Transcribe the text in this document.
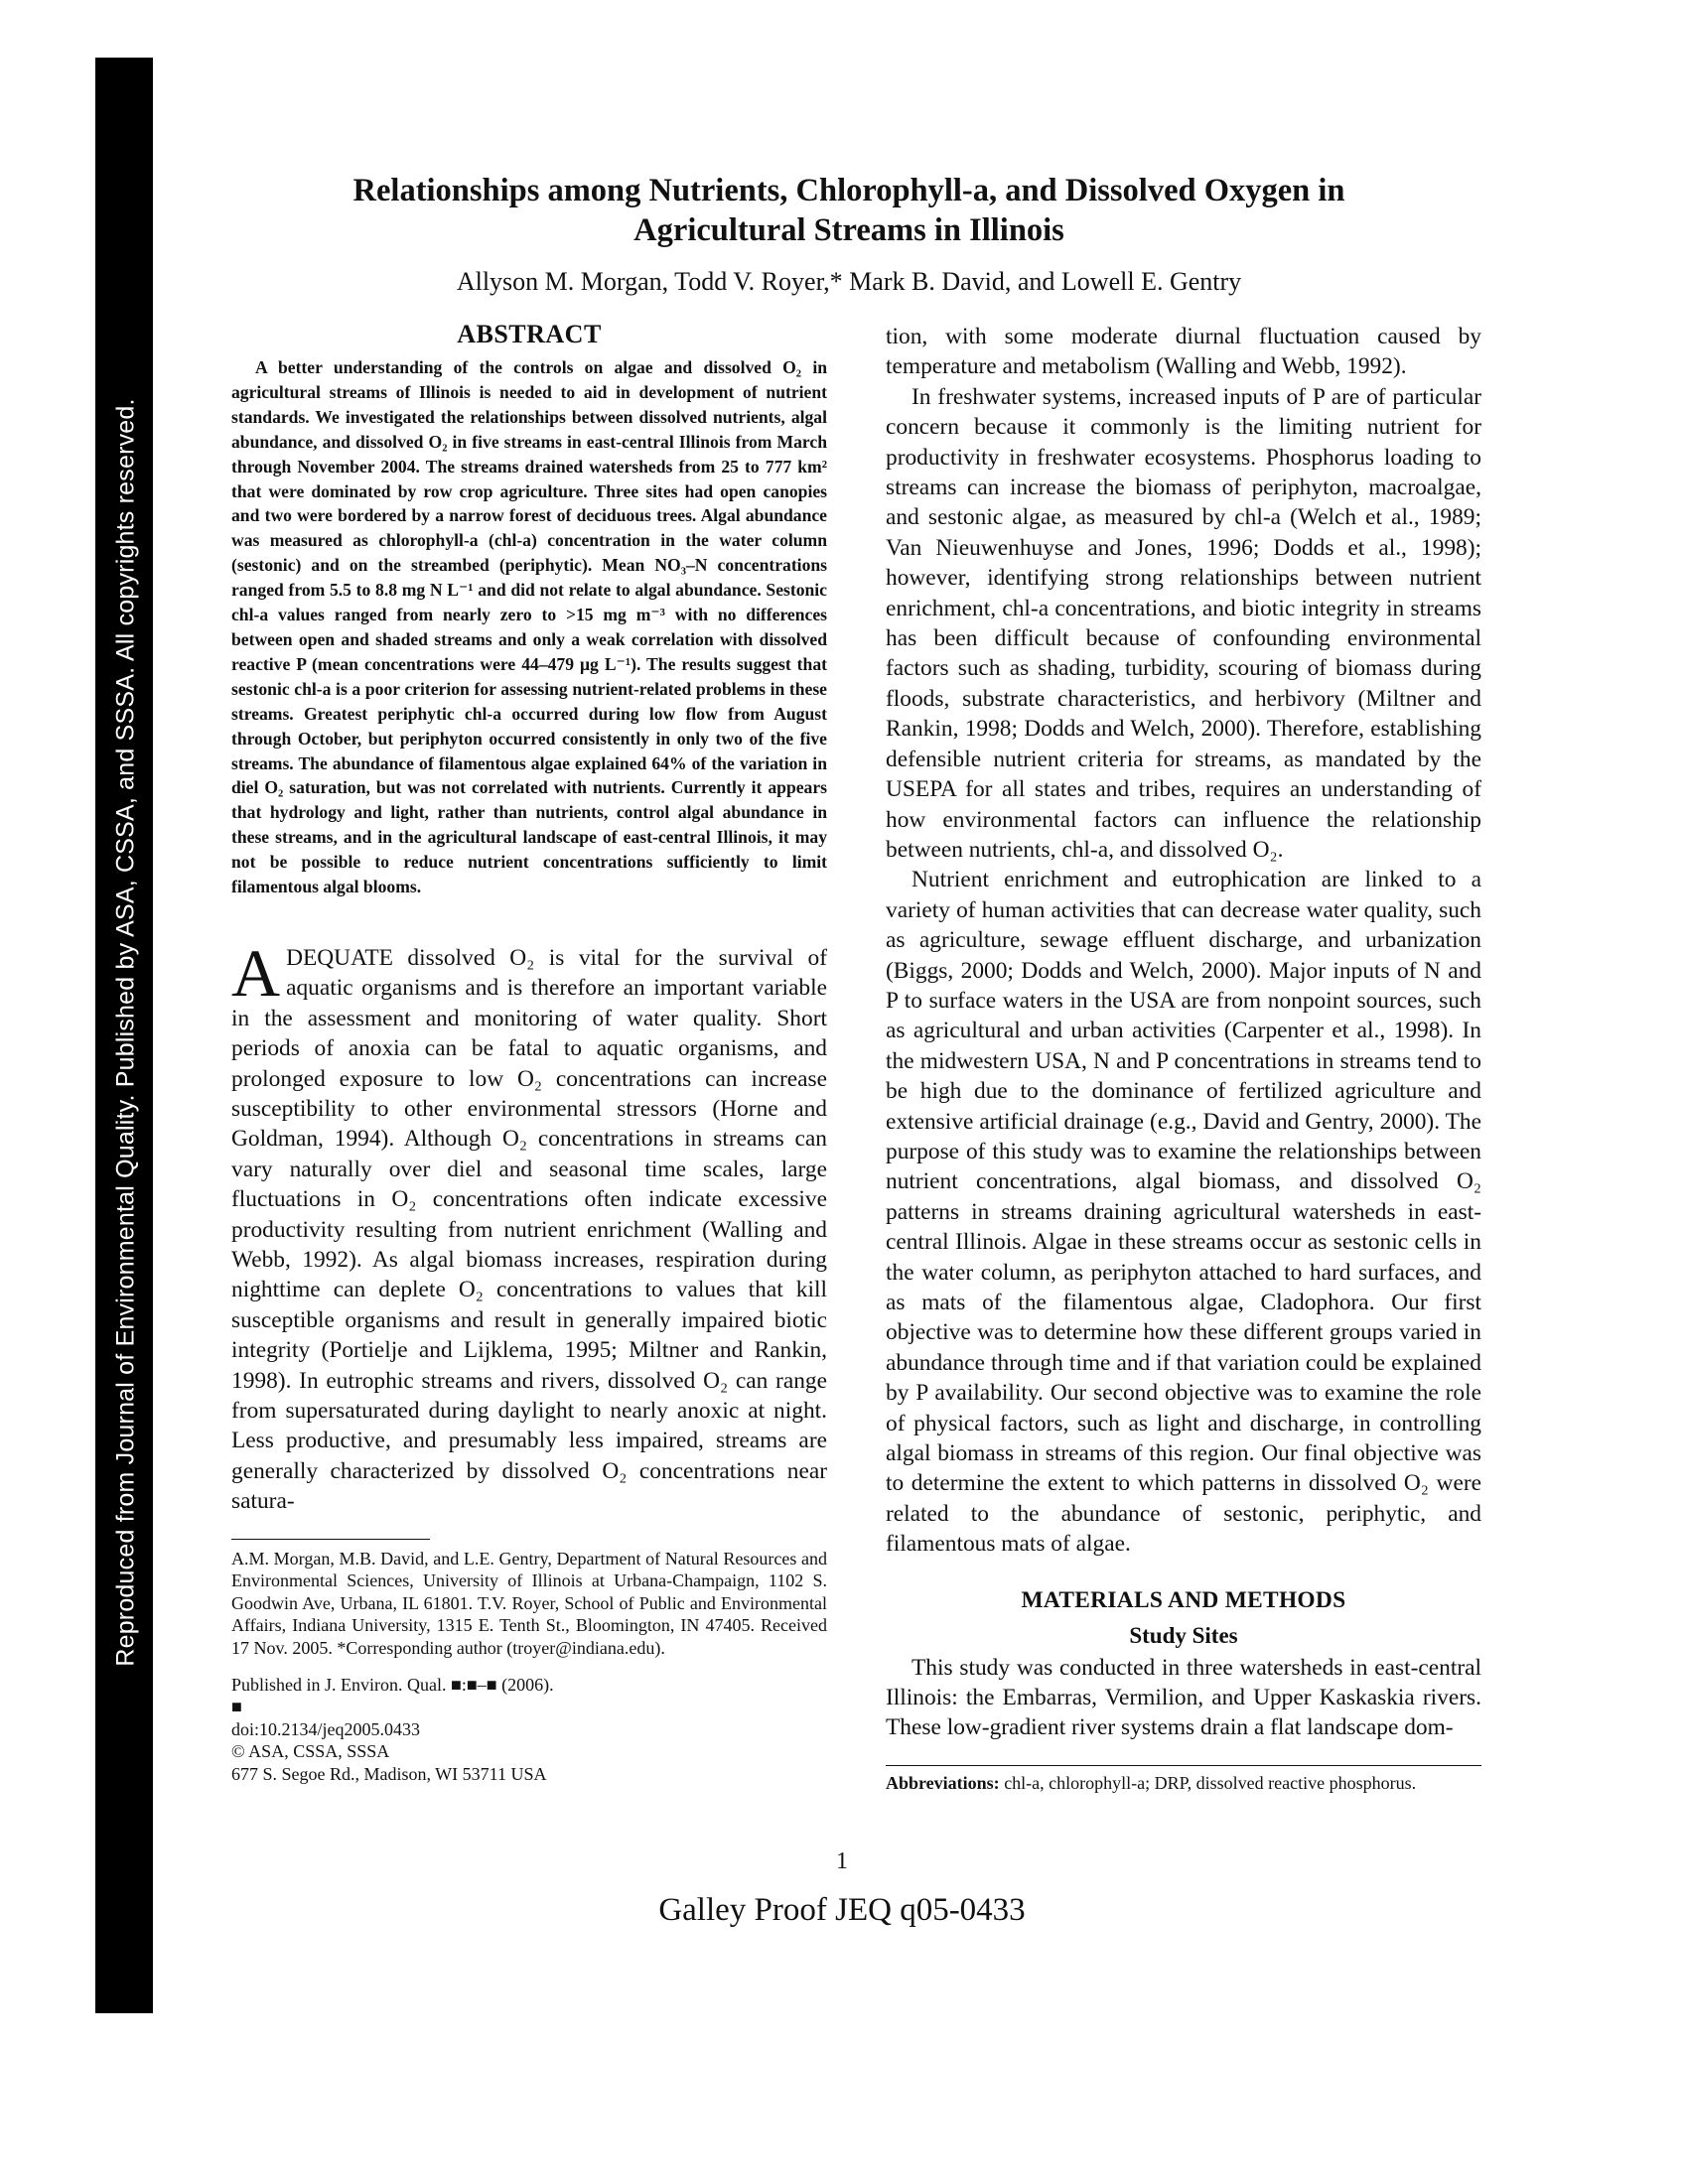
Reproduced from Journal of Environmental Quality. Published by ASA, CSSA, and SSSA. All copyrights reserved.
Relationships among Nutrients, Chlorophyll-a, and Dissolved Oxygen in Agricultural Streams in Illinois
Allyson M. Morgan, Todd V. Royer,* Mark B. David, and Lowell E. Gentry
ABSTRACT

A better understanding of the controls on algae and dissolved O₂ in agricultural streams of Illinois is needed to aid in development of nutrient standards. We investigated the relationships between dissolved nutrients, algal abundance, and dissolved O₂ in five streams in east-central Illinois from March through November 2004. The streams drained watersheds from 25 to 777 km² that were dominated by row crop agriculture. Three sites had open canopies and two were bordered by a narrow forest of deciduous trees. Algal abundance was measured as chlorophyll-a (chl-a) concentration in the water column (sestonic) and on the streambed (periphytic). Mean NO₃–N concentrations ranged from 5.5 to 8.8 mg N L⁻¹ and did not relate to algal abundance. Sestonic chl-a values ranged from nearly zero to >15 mg m⁻³ with no differences between open and shaded streams and only a weak correlation with dissolved reactive P (mean concentrations were 44–479 μg L⁻¹). The results suggest that sestonic chl-a is a poor criterion for assessing nutrient-related problems in these streams. Greatest periphytic chl-a occurred during low flow from August through October, but periphyton occurred consistently in only two of the five streams. The abundance of filamentous algae explained 64% of the variation in diel O₂ saturation, but was not correlated with nutrients. Currently it appears that hydrology and light, rather than nutrients, control algal abundance in these streams, and in the agricultural landscape of east-central Illinois, it may not be possible to reduce nutrient concentrations sufficiently to limit filamentous algal blooms.

ADEQUATE dissolved O₂ is vital for the survival of aquatic organisms and is therefore an important variable in the assessment and monitoring of water quality. Short periods of anoxia can be fatal to aquatic organisms, and prolonged exposure to low O₂ concentrations can increase susceptibility to other environmental stressors (Horne and Goldman, 1994). Although O₂ concentrations in streams can vary naturally over diel and seasonal time scales, large fluctuations in O₂ concentrations often indicate excessive productivity resulting from nutrient enrichment (Walling and Webb, 1992). As algal biomass increases, respiration during nighttime can deplete O₂ concentrations to values that kill susceptible organisms and result in generally impaired biotic integrity (Portielje and Lijklema, 1995; Miltner and Rankin, 1998). In eutrophic streams and rivers, dissolved O₂ can range from supersaturated during daylight to nearly anoxic at night. Less productive, and presumably less impaired, streams are generally characterized by dissolved O₂ concentrations near satura-

A.M. Morgan, M.B. David, and L.E. Gentry, Department of Natural Resources and Environmental Sciences, University of Illinois at Urbana-Champaign, 1102 S. Goodwin Ave, Urbana, IL 61801. T.V. Royer, School of Public and Environmental Affairs, Indiana University, 1315 E. Tenth St., Bloomington, IN 47405. Received 17 Nov. 2005. *Corresponding author (troyer@indiana.edu).

Published in J. Environ. Qual. ■:■–■ (2006).
■
doi:10.2134/jeq2005.0433
© ASA, CSSA, SSSA
677 S. Segoe Rd., Madison, WI 53711 USA

tion, with some moderate diurnal fluctuation caused by temperature and metabolism (Walling and Webb, 1992).

In freshwater systems, increased inputs of P are of particular concern because it commonly is the limiting nutrient for productivity in freshwater ecosystems. Phosphorus loading to streams can increase the biomass of periphyton, macroalgae, and sestonic algae, as measured by chl-a (Welch et al., 1989; Van Nieuwenhuyse and Jones, 1996; Dodds et al., 1998); however, identifying strong relationships between nutrient enrichment, chl-a concentrations, and biotic integrity in streams has been difficult because of confounding environmental factors such as shading, turbidity, scouring of biomass during floods, substrate characteristics, and herbivory (Miltner and Rankin, 1998; Dodds and Welch, 2000). Therefore, establishing defensible nutrient criteria for streams, as mandated by the USEPA for all states and tribes, requires an understanding of how environmental factors can influence the relationship between nutrients, chl-a, and dissolved O₂.

Nutrient enrichment and eutrophication are linked to a variety of human activities that can decrease water quality, such as agriculture, sewage effluent discharge, and urbanization (Biggs, 2000; Dodds and Welch, 2000). Major inputs of N and P to surface waters in the USA are from nonpoint sources, such as agricultural and urban activities (Carpenter et al., 1998). In the midwestern USA, N and P concentrations in streams tend to be high due to the dominance of fertilized agriculture and extensive artificial drainage (e.g., David and Gentry, 2000). The purpose of this study was to examine the relationships between nutrient concentrations, algal biomass, and dissolved O₂ patterns in streams draining agricultural watersheds in east-central Illinois. Algae in these streams occur as sestonic cells in the water column, as periphyton attached to hard surfaces, and as mats of the filamentous algae, Cladophora. Our first objective was to determine how these different groups varied in abundance through time and if that variation could be explained by P availability. Our second objective was to examine the role of physical factors, such as light and discharge, in controlling algal biomass in streams of this region. Our final objective was to determine the extent to which patterns in dissolved O₂ were related to the abundance of sestonic, periphytic, and filamentous mats of algae.

MATERIALS AND METHODS
Study Sites

This study was conducted in three watersheds in east-central Illinois: the Embarras, Vermilion, and Upper Kaskaskia rivers. These low-gradient river systems drain a flat landscape dom-

Abbreviations: chl-a, chlorophyll-a; DRP, dissolved reactive phosphorus.

1
Galley Proof JEQ q05-0433
